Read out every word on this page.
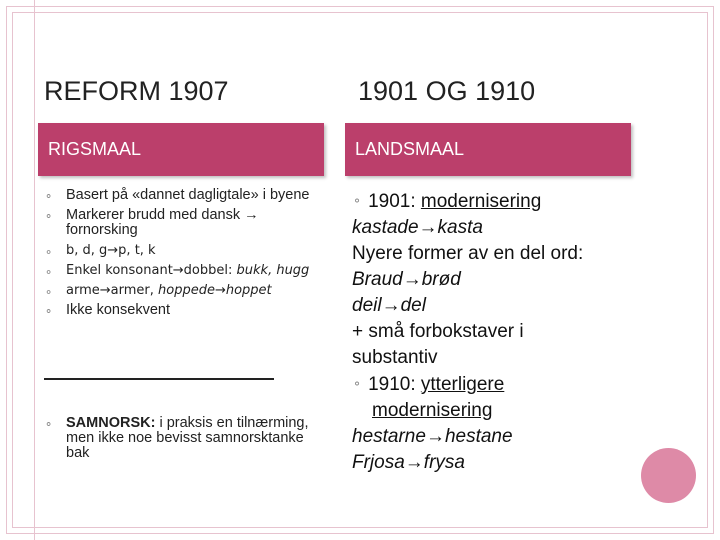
REFORM 1907	1901 OG 1910
RIGSMAAL	LANDSMAAL
⚬ Basert på «dannet dagligtale» i byene
⚬ Markerer brudd med dansk → fornorsking
⚬ b, d, g→p, t, k
⚬ Enkel konsonant→dobbel: bukk, hugg
⚬ arme→armer, hoppede→hoppet
⚬ Ikke konsekvent
⚬ SAMNORSK: i praksis en tilnærming, men ikke noe bevisst samnorsktanke bak
⚬ 1901: modernisering
kastade→kasta
Nyere former av en del ord:
Braud→brød
deil→del
+ små forbokstaver i
substantiv
⚬ 1910: ytterligere
modernisering
hestarne→hestane
Frjosa→frysa
